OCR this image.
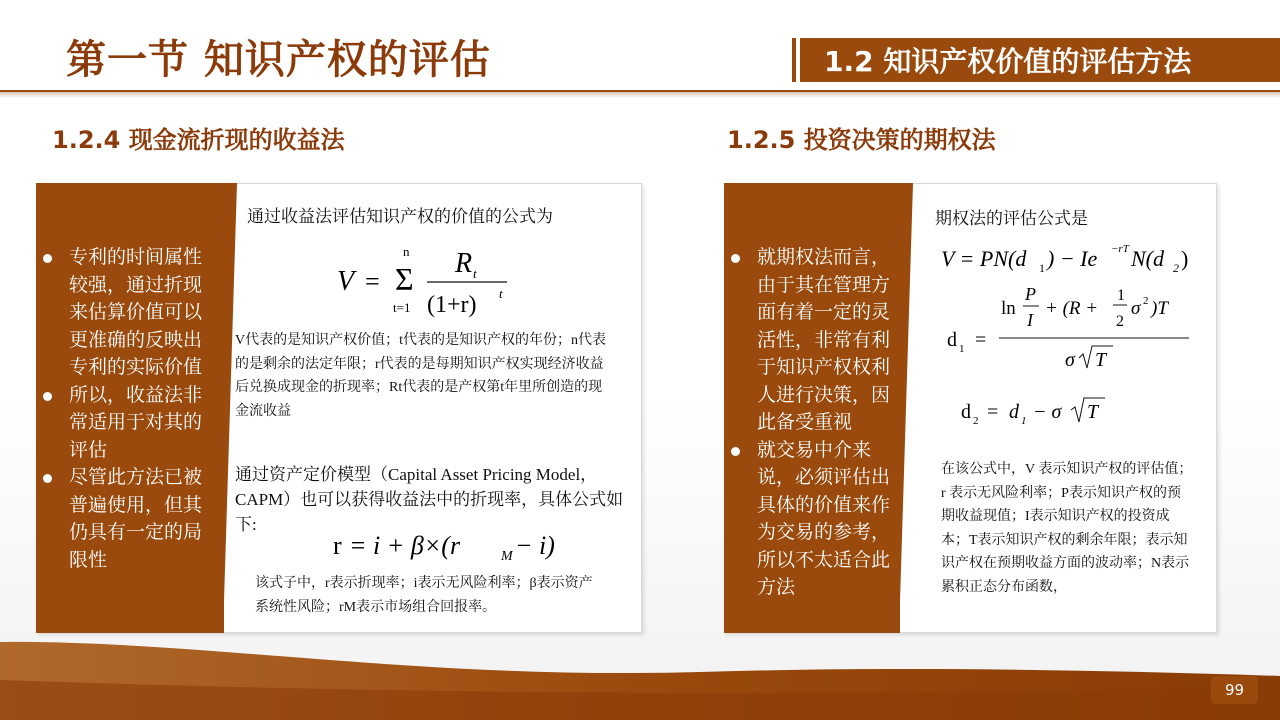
第一节 知识产权的评估	1.2 知识产权价值的评估方法
1.2.4 现金流折现的收益法	1.2.5 投资决策的期权法
专利的时间属性较强，通过折现来估算价值可以更准确的反映出专利的实际价值
所以，收益法非常适用于对其的评估
尽管此方法已被普遍使用，但其仍具有一定的局限性
通过收益法评估知识产权的价值的公式为
V =
n
Σ
t=1
R t
(1+r) t
V代表的是知识产权价值；t代表的是知识产权的年份；n代表的是剩余的法定年限；r代表的是每期知识产权实现经济收益后兑换成现金的折现率；Rt代表的是产权第t年里所创造的现金流收益
通过资产定价模型（Capital Asset Pricing Model，CAPM）也可以获得收益法中的折现率，具体公式如下:
r = i + β×(r	M − i)
该式子中，r表示折现率；i表示无风险利率；β表示资产系统性风险；rM表示市场组合回报率。
就期权法而言，由于其在管理方面有着一定的灵活性，非常有利于知识产权权利人进行决策，因此备受重视
就交易中介来说，必须评估出具体的价值来作为交易的参考，所以不太适合此方法
期权法的评估公式是
V = PN(d 1 ) − Ie −rT N(d 2 )
d 1 =
ln
P
I
+ (R +
1
2
σ 2 )T
σ T
d 2 = d 1 − σ T
在该公式中，V 表示知识产权的评估值；r 表示无风险利率；P表示知识产权的预期收益现值；I表示知识产权的投资成本；T表示知识产权的剩余年限；表示知识产权在预期收益方面的波动率；N表示累积正态分布函数，
99
